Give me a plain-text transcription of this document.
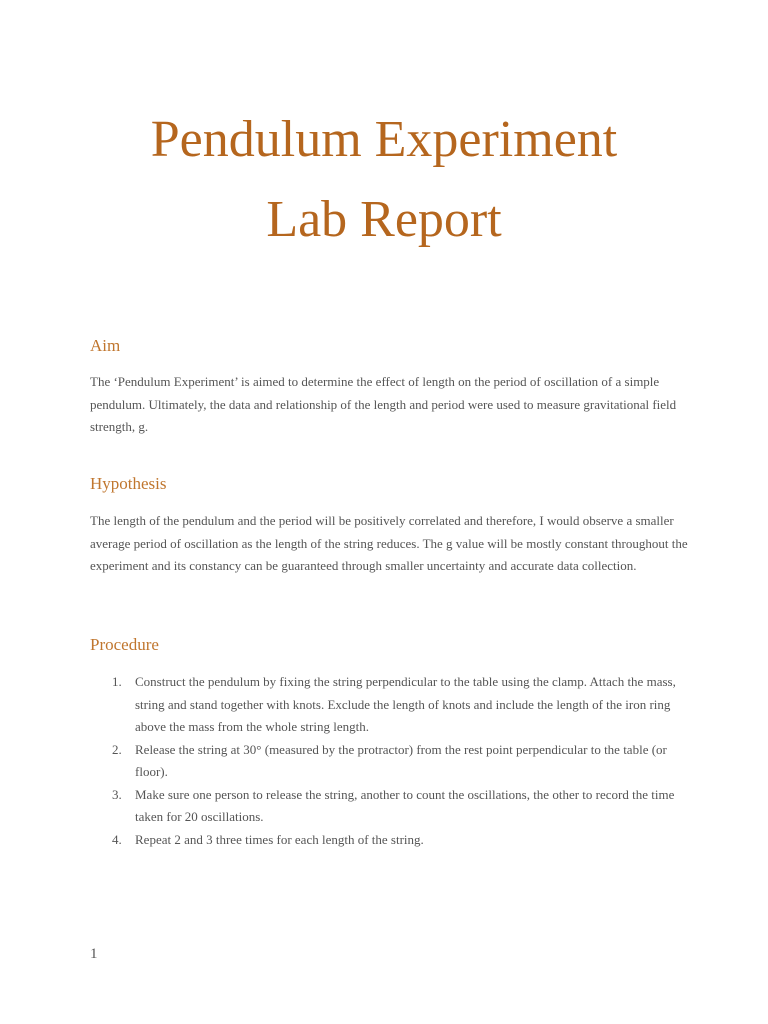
Pendulum Experiment
Lab Report
Aim

The ‘Pendulum Experiment’ is aimed to determine the effect of length on the period of oscillation of a simple pendulum. Ultimately, the data and relationship of the length and period were used to measure gravitational field strength, g.

Hypothesis

The length of the pendulum and the period will be positively correlated and therefore, I would observe a smaller average period of oscillation as the length of the string reduces. The g value will be mostly constant throughout the experiment and its constancy can be guaranteed through smaller uncertainty and accurate data collection.

Procedure
1. Construct the pendulum by fixing the string perpendicular to the table using the clamp. Attach the mass, string and stand together with knots. Exclude the length of knots and include the length of the iron ring above the mass from the whole string length.
2. Release the string at 30° (measured by the protractor) from the rest point perpendicular to the table (or floor).
3. Make sure one person to release the string, another to count the oscillations, the other to record the time taken for 20 oscillations.
4. Repeat 2 and 3 three times for each length of the string.
1
